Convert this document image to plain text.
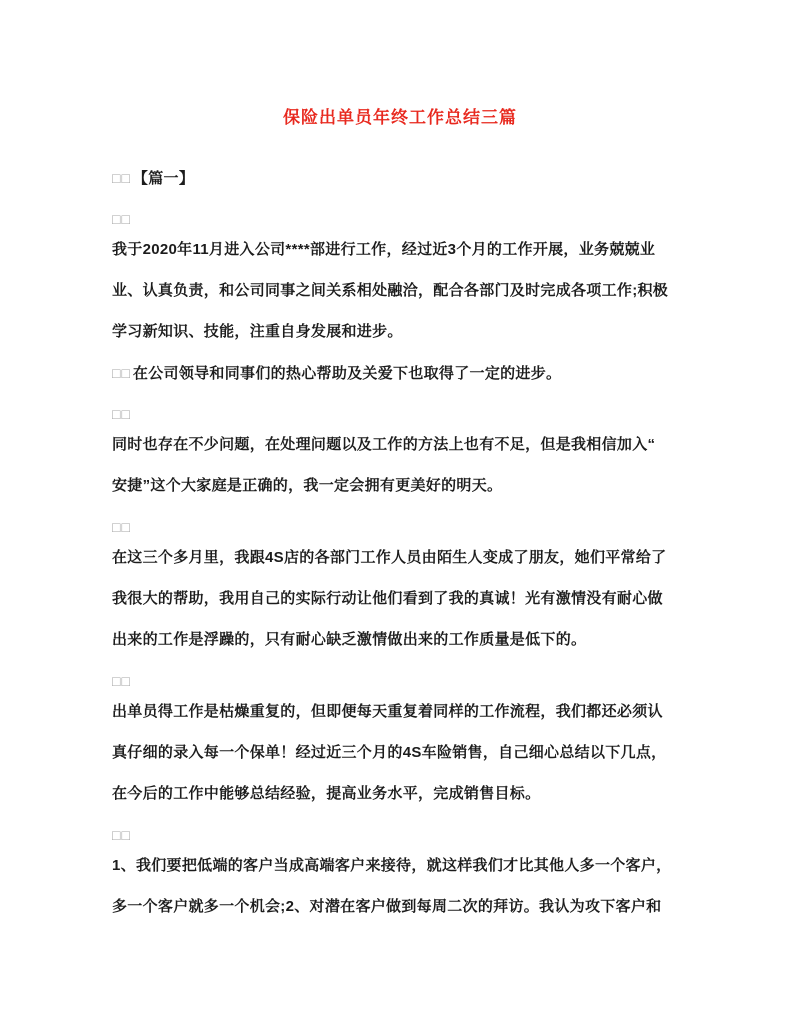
保险出单员年终工作总结三篇
□□ 【篇一】
□□
我于2020年11月进入公司****部进行工作，经过近3个月的工作开展，业务兢兢业
业、认真负责，和公司同事之间关系相处融洽，配合各部门及时完成各项工作;积极
学习新知识、技能，注重自身发展和进步。
□□ 在公司领导和同事们的热心帮助及关爱下也取得了一定的进步。
□□
同时也存在不少问题，在处理问题以及工作的方法上也有不足，但是我相信加入“
安捷”这个大家庭是正确的，我一定会拥有更美好的明天。
□□
在这三个多月里，我跟4S店的各部门工作人员由陌生人变成了朋友，她们平常给了
我很大的帮助，我用自己的实际行动让他们看到了我的真诚！光有激情没有耐心做
出来的工作是浮躁的，只有耐心缺乏激情做出来的工作质量是低下的。
□□
出单员得工作是枯燥重复的，但即便每天重复着同样的工作流程，我们都还必须认
真仔细的录入每一个保单！经过近三个月的4S车险销售，自己细心总结以下几点，
在今后的工作中能够总结经验，提高业务水平，完成销售目标。
□□
1、我们要把低端的客户当成高端客户来接待，就这样我们才比其他人多一个客户，
多一个客户就多一个机会;2、对潜在客户做到每周二次的拜访。我认为攻下客户和
